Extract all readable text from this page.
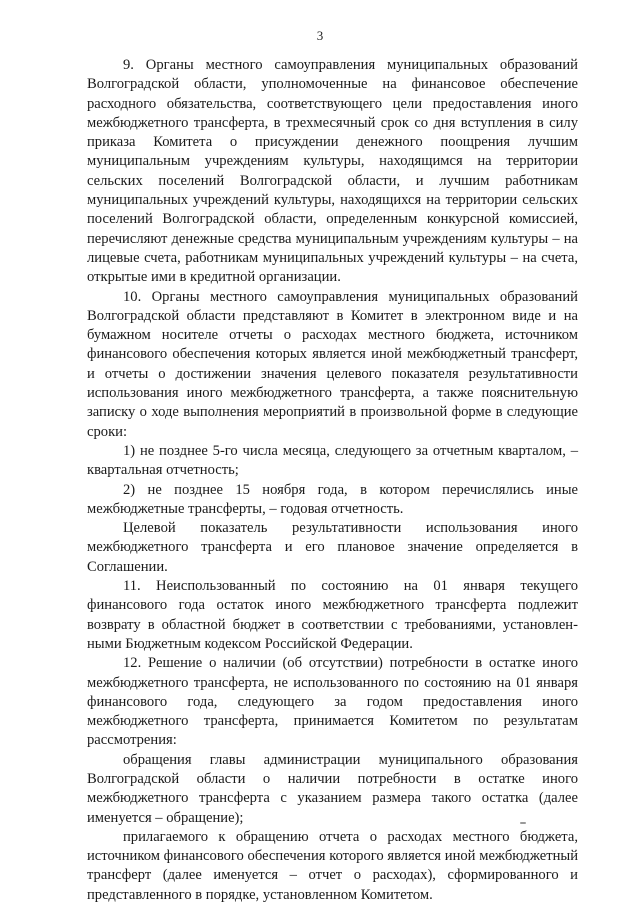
3

9. Органы местного самоуправления муниципальных образований Волгоградской области, уполномоченные на финансовое обеспечение расходного обязательства, соответствующего цели предоставления иного межбюджетного трансферта, в трехмесячный срок со дня вступления в силу приказа Комитета о присуждении денежного поощрения лучшим муниципальным учреждениям культуры, находящимся на территории сельских поселений Волгоградской области, и лучшим работникам муниципальных учреждений культуры, находящихся на территории сельских поселений Волгоградской области, определенным конкурсной комиссией, перечисляют денежные средства муниципальным учреждениям культуры – на лицевые счета, работникам муниципальных учреждений культуры – на счета, открытые ими в кредитной организации.

10. Органы местного самоуправления муниципальных образований Волгоградской области представляют в Комитет в электронном виде и на бумажном носителе отчеты о расходах местного бюджета, источником финансового обеспечения которых является иной межбюджетный трансферт, и отчеты о достижении значения целевого показателя результативности использования иного межбюджетного трансферта, а также пояснительную записку о ходе выполнения мероприятий в произвольной форме в следующие сроки:

1) не позднее 5-го числа месяца, следующего за отчетным кварталом, – квартальная отчетность;

2) не позднее 15 ноября года, в котором перечислялись иные межбюджетные трансферты, – годовая отчетность.

Целевой показатель результативности использования иного межбюджетного трансферта и его плановое значение определяется в Соглашении.

11. Неиспользованный по состоянию на 01 января текущего финансового года остаток иного межбюджетного трансферта подлежит возврату в областной бюджет в соответствии с требованиями, установленными Бюджетным кодексом Российской Федерации.

12. Решение о наличии (об отсутствии) потребности в остатке иного межбюджетного трансферта, не использованного по состоянию на 01 января финансового года, следующего за годом предоставления иного межбюджетного трансферта, принимается Комитетом по результатам рассмотрения:

обращения главы администрации муниципального образования Волгоградской области о наличии потребности в остатке иного межбюджетного трансферта с указанием размера такого остатка (далее именуется – обращение);

прилагаемого к обращению отчета о расходах местного бюджета, источником финансового обеспечения которого является иной межбюджетный трансферт (далее именуется – отчет о расходах), сформированного и представленного в порядке, установленном Комитетом.
